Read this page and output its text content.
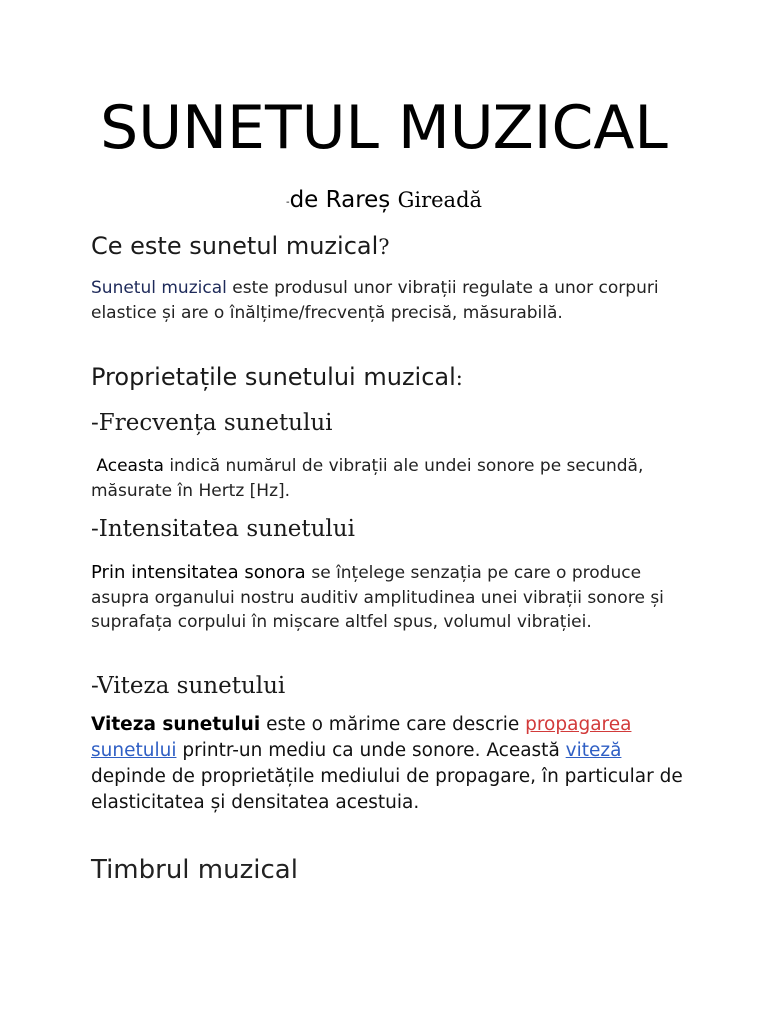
SUNETUL MUZICAL
-de Rareș Gireadă
Ce este sunetul muzical?

Sunetul muzical este produsul unor vibrații regulate a unor corpuri elastice și are o înălțime/frecvență precisă, măsurabilă.

Proprietațile sunetului muzical:
-Frecvența sunetului

Aceasta indică numărul de vibrații ale undei sonore pe secundă, măsurate în Hertz [Hz].

-Intensitatea sunetului

Prin intensitatea sonora se înțelege senzația pe care o produce asupra organului nostru auditiv amplitudinea unei vibrații sonore și suprafața corpului în mișcare altfel spus, volumul vibrației.

-Viteza sunetului

Viteza sunetului este o mărime care descrie propagarea sunetului printr-un mediu ca unde sonore. Această viteză depinde de proprietățile mediului de propagare, în particular de elasticitatea și densitatea acestuia.

Timbrul muzical
